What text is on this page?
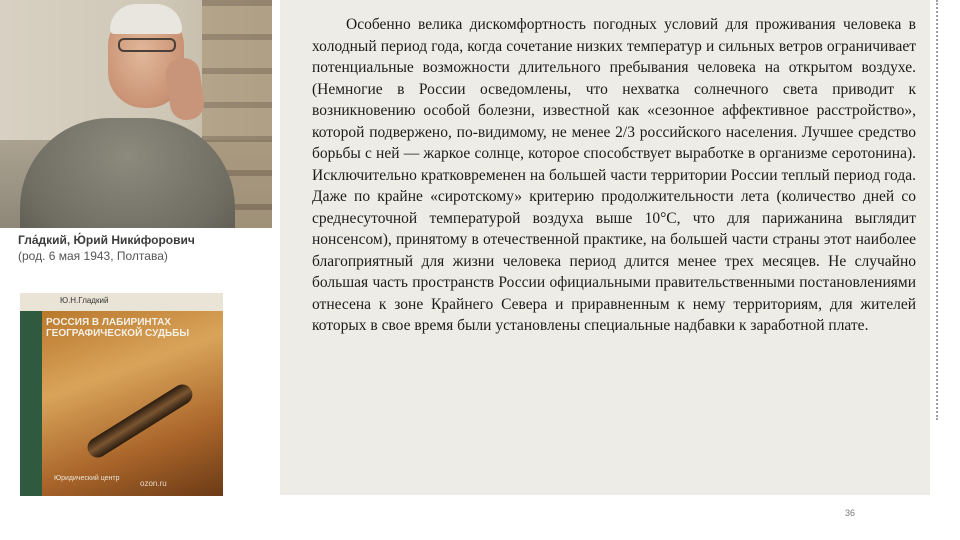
Гла́дкий, Ю́рий Ники́форович
(род. 6 мая 1943, Полтава)
Ю.Н.Гладкий
РОССИЯ В ЛАБИРИНТАХ ГЕОГРАФИЧЕСКОЙ СУДЬБЫ
Юридический центр
ozon.ru
Особенно велика дискомфортность погодных условий для проживания человека в холодный период года, когда сочетание низких температур и сильных ветров ограничивает потенциальные возможности длительного пребывания человека на открытом воздухе. (Немногие в России осведомлены, что нехватка солнечного света приводит к возникновению особой болезни, известной как «сезонное аффективное расстройство», которой подвержено, по-видимому, не менее 2/3 российского населения. Лучшее средство борьбы с ней — жаркое солнце, которое способствует выработке в организме серотонина). Исключительно кратковременен на большей части территории России теплый период года. Даже по крайне «сиротскому» критерию продолжительности лета (количество дней со среднесуточной температурой воздуха выше 10°С, что для парижанина выглядит нонсенсом), принятому в отечественной практике, на большей части страны этот наиболее благоприятный для жизни человека период длится менее трех месяцев. Не случайно большая часть пространств России официальными правительственными постановлениями отнесена к зоне Крайнего Севера и приравненным к нему территориям, для жителей которых в свое время были установлены специальные надбавки к заработной плате.
36
